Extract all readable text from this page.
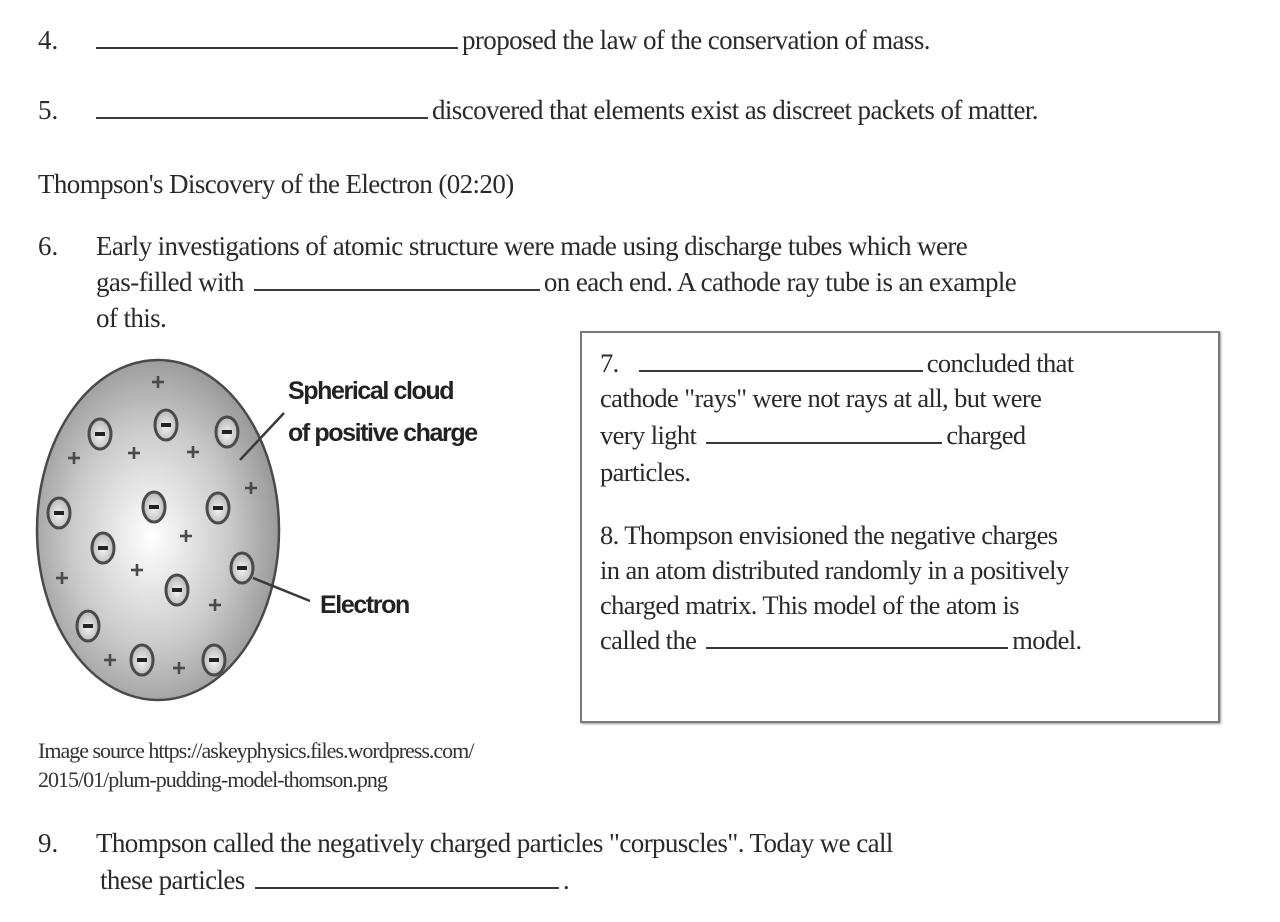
4.	proposed the law of the conservation of mass.
5.	discovered that elements exist as discreet packets of matter.
Thompson's Discovery of the Electron (02:20)
6. Early investigations of atomic structure were made using discharge tubes which were
gas-filled with	on each end. A cathode ray tube is an example
of this.
Spherical cloud
of positive charge
Electron
7.	concluded that
cathode "rays" were not rays at all, but were
very light	charged
particles.
8. Thompson envisioned the negative charges
in an atom distributed randomly in a positively
charged matrix. This model of the atom is
called the	model.
Image source https://askeyphysics.files.wordpress.com/
2015/01/plum-pudding-model-thomson.png
9. Thompson called the negatively charged particles "corpuscles". Today we call
these particles	.
